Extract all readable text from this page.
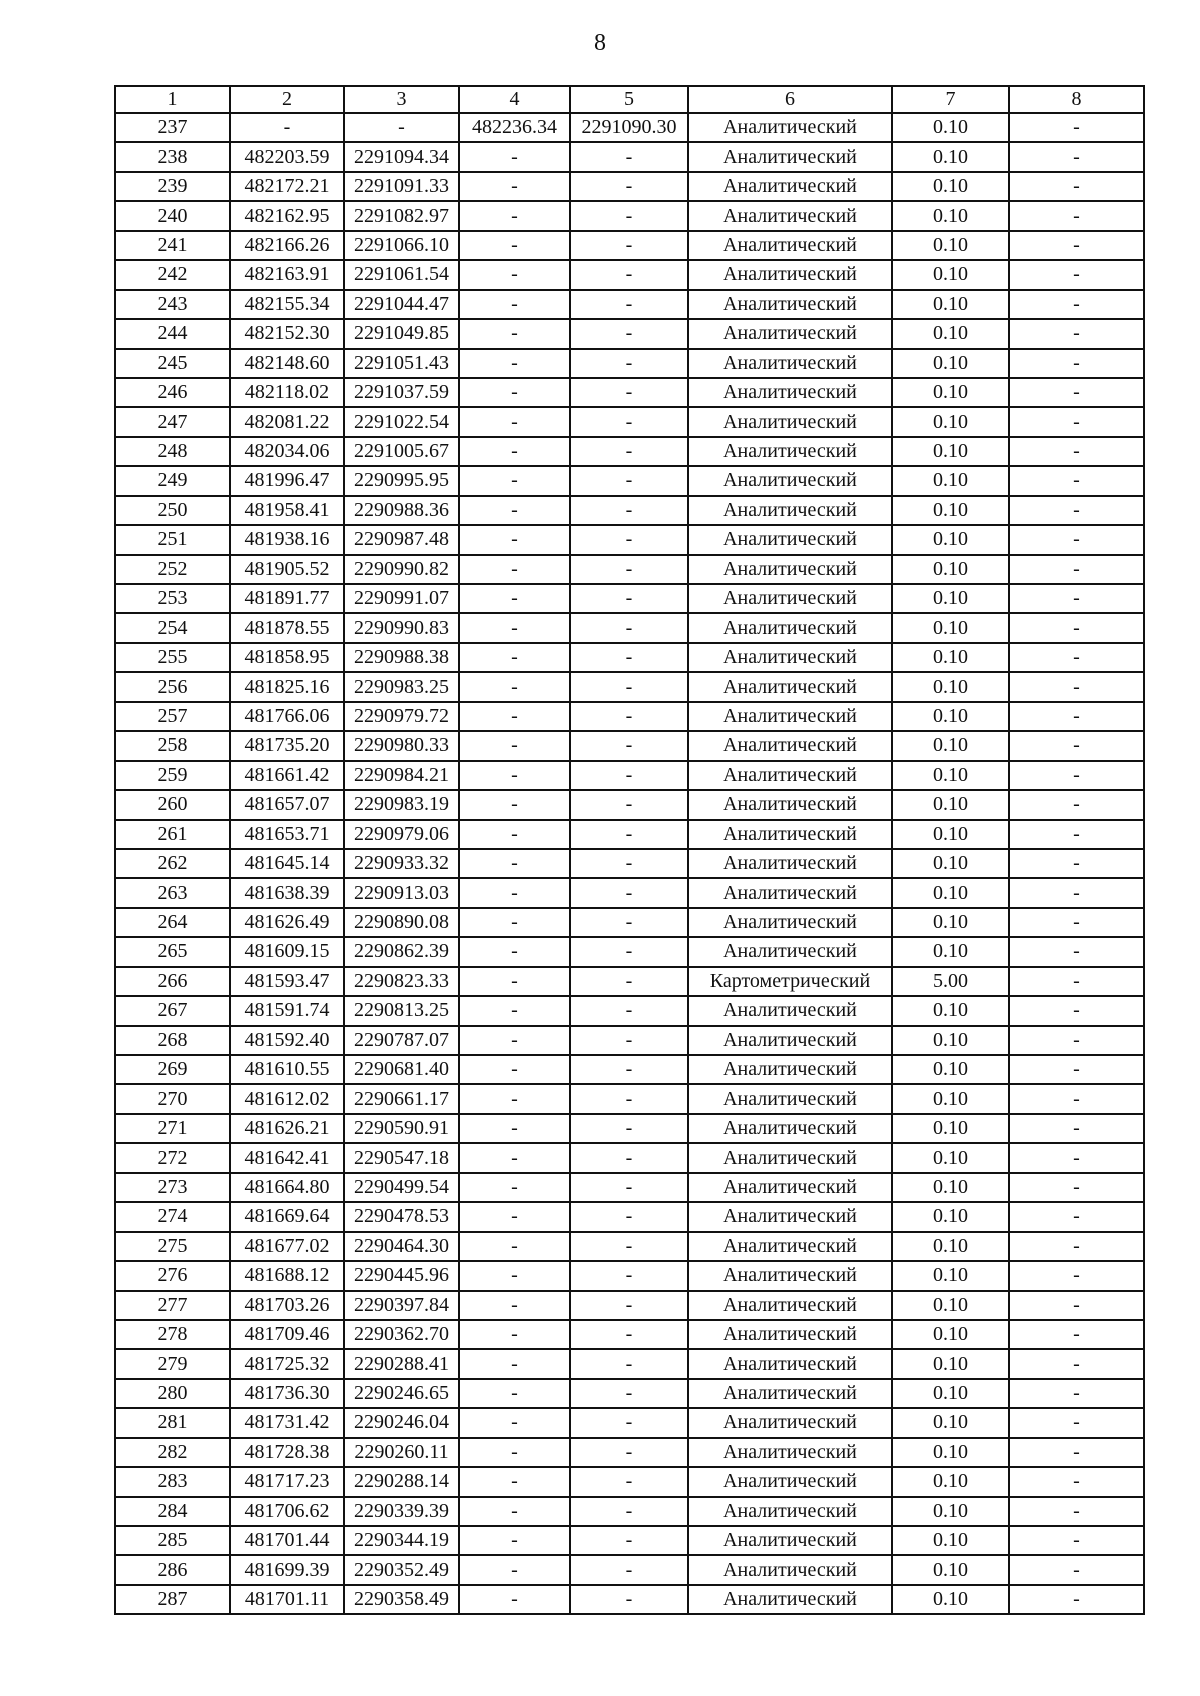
8
1	2	3	4	5	6	7	8
237	-	-	482236.34	2291090.30	Аналитический	0.10	-
238	482203.59	2291094.34	-	-	Аналитический	0.10	-
239	482172.21	2291091.33	-	-	Аналитический	0.10	-
240	482162.95	2291082.97	-	-	Аналитический	0.10	-
241	482166.26	2291066.10	-	-	Аналитический	0.10	-
242	482163.91	2291061.54	-	-	Аналитический	0.10	-
243	482155.34	2291044.47	-	-	Аналитический	0.10	-
244	482152.30	2291049.85	-	-	Аналитический	0.10	-
245	482148.60	2291051.43	-	-	Аналитический	0.10	-
246	482118.02	2291037.59	-	-	Аналитический	0.10	-
247	482081.22	2291022.54	-	-	Аналитический	0.10	-
248	482034.06	2291005.67	-	-	Аналитический	0.10	-
249	481996.47	2290995.95	-	-	Аналитический	0.10	-
250	481958.41	2290988.36	-	-	Аналитический	0.10	-
251	481938.16	2290987.48	-	-	Аналитический	0.10	-
252	481905.52	2290990.82	-	-	Аналитический	0.10	-
253	481891.77	2290991.07	-	-	Аналитический	0.10	-
254	481878.55	2290990.83	-	-	Аналитический	0.10	-
255	481858.95	2290988.38	-	-	Аналитический	0.10	-
256	481825.16	2290983.25	-	-	Аналитический	0.10	-
257	481766.06	2290979.72	-	-	Аналитический	0.10	-
258	481735.20	2290980.33	-	-	Аналитический	0.10	-
259	481661.42	2290984.21	-	-	Аналитический	0.10	-
260	481657.07	2290983.19	-	-	Аналитический	0.10	-
261	481653.71	2290979.06	-	-	Аналитический	0.10	-
262	481645.14	2290933.32	-	-	Аналитический	0.10	-
263	481638.39	2290913.03	-	-	Аналитический	0.10	-
264	481626.49	2290890.08	-	-	Аналитический	0.10	-
265	481609.15	2290862.39	-	-	Аналитический	0.10	-
266	481593.47	2290823.33	-	-	Картометрический	5.00	-
267	481591.74	2290813.25	-	-	Аналитический	0.10	-
268	481592.40	2290787.07	-	-	Аналитический	0.10	-
269	481610.55	2290681.40	-	-	Аналитический	0.10	-
270	481612.02	2290661.17	-	-	Аналитический	0.10	-
271	481626.21	2290590.91	-	-	Аналитический	0.10	-
272	481642.41	2290547.18	-	-	Аналитический	0.10	-
273	481664.80	2290499.54	-	-	Аналитический	0.10	-
274	481669.64	2290478.53	-	-	Аналитический	0.10	-
275	481677.02	2290464.30	-	-	Аналитический	0.10	-
276	481688.12	2290445.96	-	-	Аналитический	0.10	-
277	481703.26	2290397.84	-	-	Аналитический	0.10	-
278	481709.46	2290362.70	-	-	Аналитический	0.10	-
279	481725.32	2290288.41	-	-	Аналитический	0.10	-
280	481736.30	2290246.65	-	-	Аналитический	0.10	-
281	481731.42	2290246.04	-	-	Аналитический	0.10	-
282	481728.38	2290260.11	-	-	Аналитический	0.10	-
283	481717.23	2290288.14	-	-	Аналитический	0.10	-
284	481706.62	2290339.39	-	-	Аналитический	0.10	-
285	481701.44	2290344.19	-	-	Аналитический	0.10	-
286	481699.39	2290352.49	-	-	Аналитический	0.10	-
287	481701.11	2290358.49	-	-	Аналитический	0.10	-
